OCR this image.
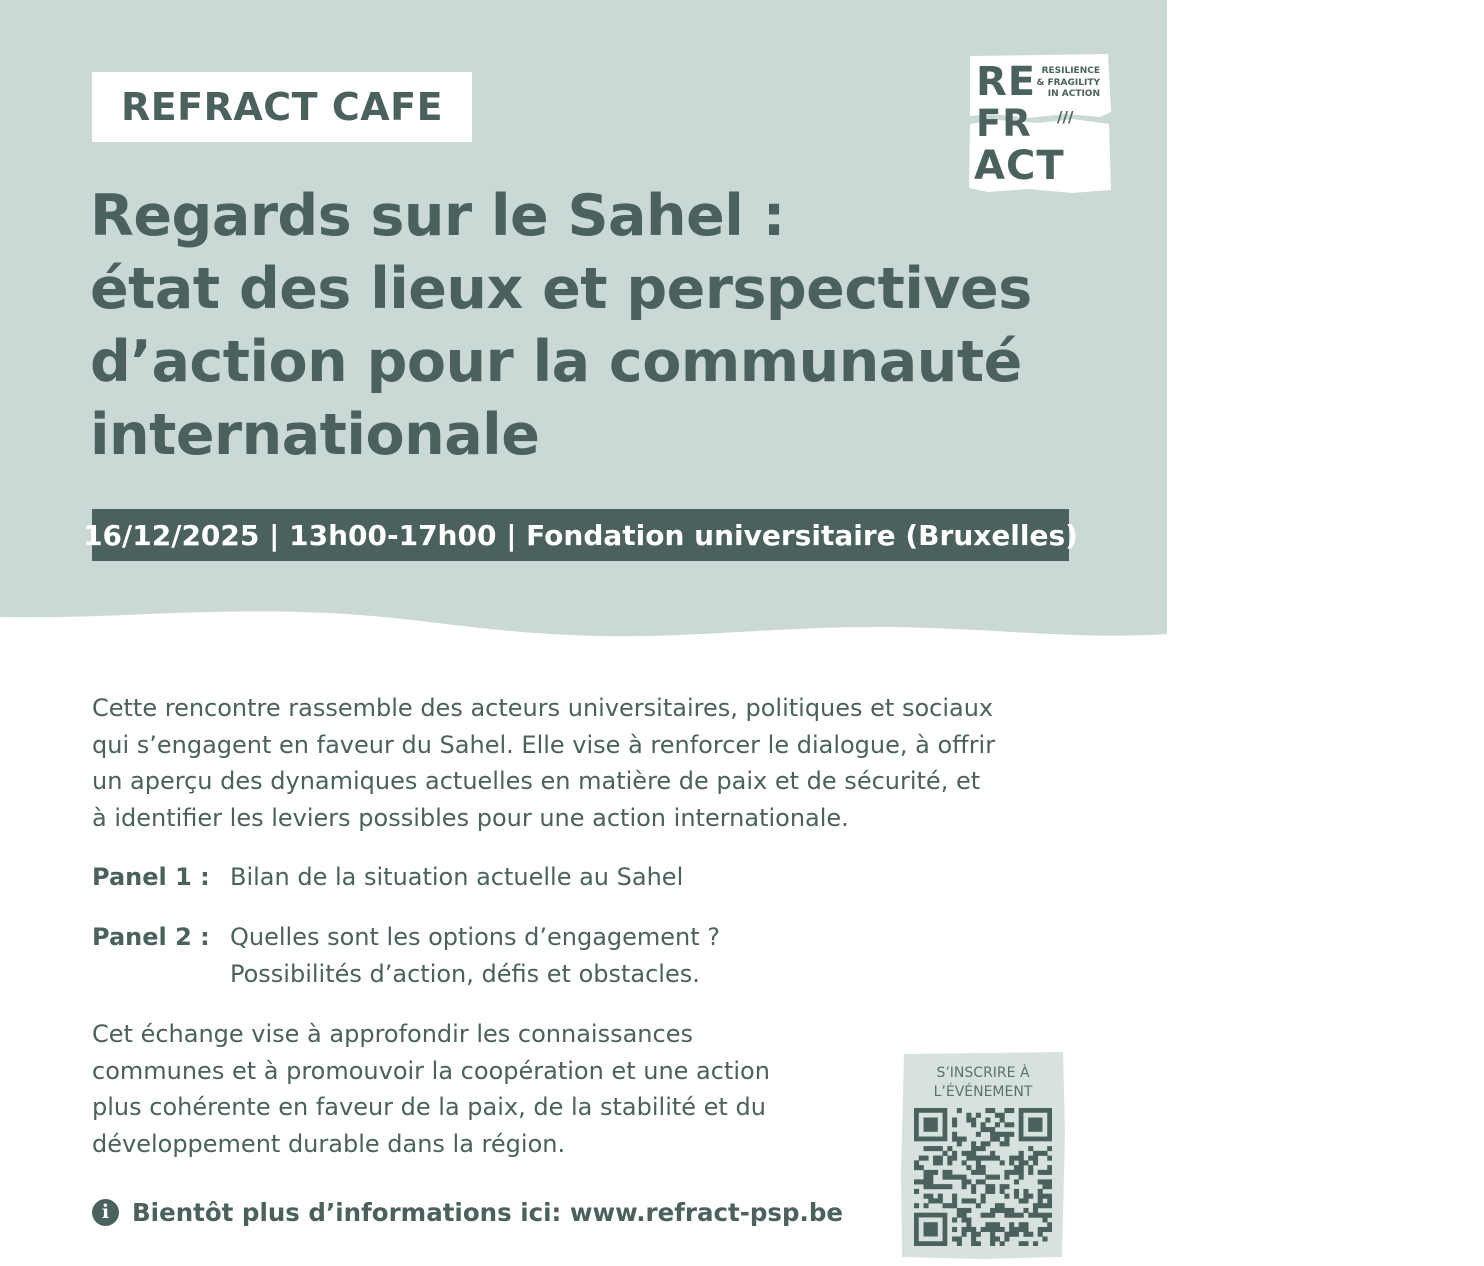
REFRACT CAFE
Regards sur le Sahel :
état des lieux et perspectives
d’action pour la communauté
internationale
16/12/2025 | 13h00-17h00 | Fondation universitaire (Bruxelles)
RE
FR
ACT
RESILIENCE
& FRAGILITY
IN ACTION
///

Cette rencontre rassemble des acteurs universitaires, politiques et sociaux
qui s’engagent en faveur du Sahel. Elle vise à renforcer le dialogue, à offrir
un aperçu des dynamiques actuelles en matière de paix et de sécurité, et
à identifier les leviers possibles pour une action internationale.

Panel 1 : Bilan de la situation actuelle au Sahel
Panel 2 : Quelles sont les options d’engagement ?
Possibilités d’action, défis et obstacles.

Cet échange vise à approfondir les connaissances
communes et à promouvoir la coopération et une action
plus cohérente en faveur de la paix, de la stabilité et du
développement durable dans la région.

i Bientôt plus d’informations ici: www.refract-psp.be
S’INSCRIRE À
L’ÉVÉNEMENT
